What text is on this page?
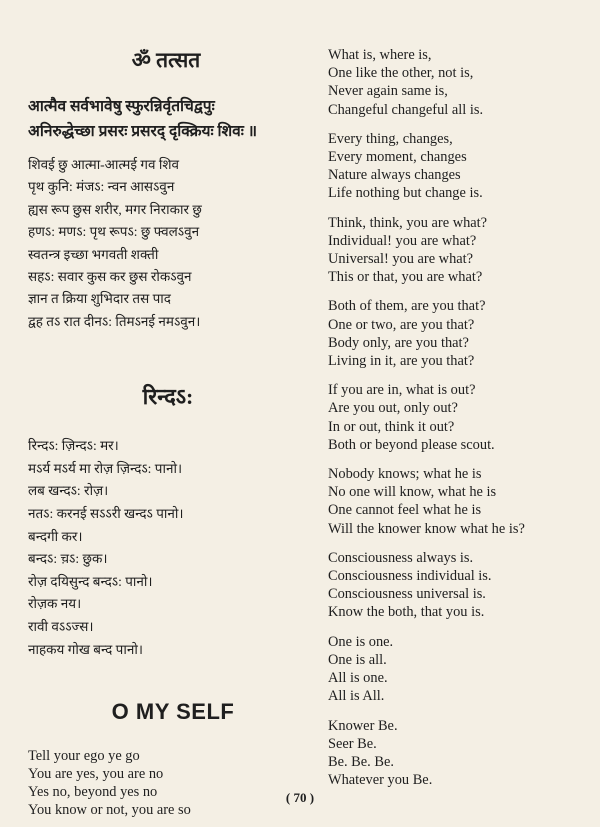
ॐ तत्सत
आत्मैव सर्वभावेषु स्फुरन्निर्वृतचिद्वपुः
अनिरुद्धेच्छा प्रसरः प्रसरद् दृक्क्रियः शिवः ॥
शिवई छु आत्मा-आत्मई गव शिव
पृथ कुनि: मंजऽ: न्वन आसऽवुन
ह्यस रूप छुस शरीर, मगर निराकार छु
हणऽ: मणऽ: पृथ रूपऽ: छु फ्वलऽवुन
स्वतन्त्र इच्छा भगवती शक्ती
सहऽ: सवार कुस कर छुस रोकऽवुन
ज्ञान त क्रिया शुभिदार तस पाद
द्वह तऽ रात दीनऽ: तिमऽनई नमऽवुन।
रिन्दऽ:
रिन्दऽ: ज़िन्दऽ: मर।
मऽर्य मऽर्य मा रोज़ ज़िन्दऽ: पानो।
लब खन्दऽ: रोज़।
नतऽ: करनई सऽऽरी खन्दऽ पानो।
बन्दगी कर।
बन्दऽ: च़ऽ: छुक।
रोज़ दयिसुन्द बन्दऽ: पानो।
रोज़क नय।
रावी वऽऽज्स।
नाहकय गोख बन्द पानो।
O MY SELF
Tell your ego ye go
You are yes, you are no
Yes no, beyond yes no
You know or not, you are so
What is, where is,
One like the other, not is,
Never again same is,
Changeful changeful all is.
Every thing, changes,
Every moment, changes
Nature always changes
Life nothing but change is.
Think, think, you are what?
Individual! you are what?
Universal! you are what?
This or that, you are what?
Both of them, are you that?
One or two, are you that?
Body only, are you that?
Living in it, are you that?
If you are in, what is out?
Are you out, only out?
In or out, think it out?
Both or beyond please scout.
Nobody knows; what he is
No one will know, what he is
One cannot feel what he is
Will the knower know what he is?
Consciousness always is.
Consciousness individual is.
Consciousness universal is.
Know the both, that you is.
One is one.
One is all.
All is one.
All is All.
Knower Be.
Seer Be.
Be. Be. Be.
Whatever you Be.
( 70 )
